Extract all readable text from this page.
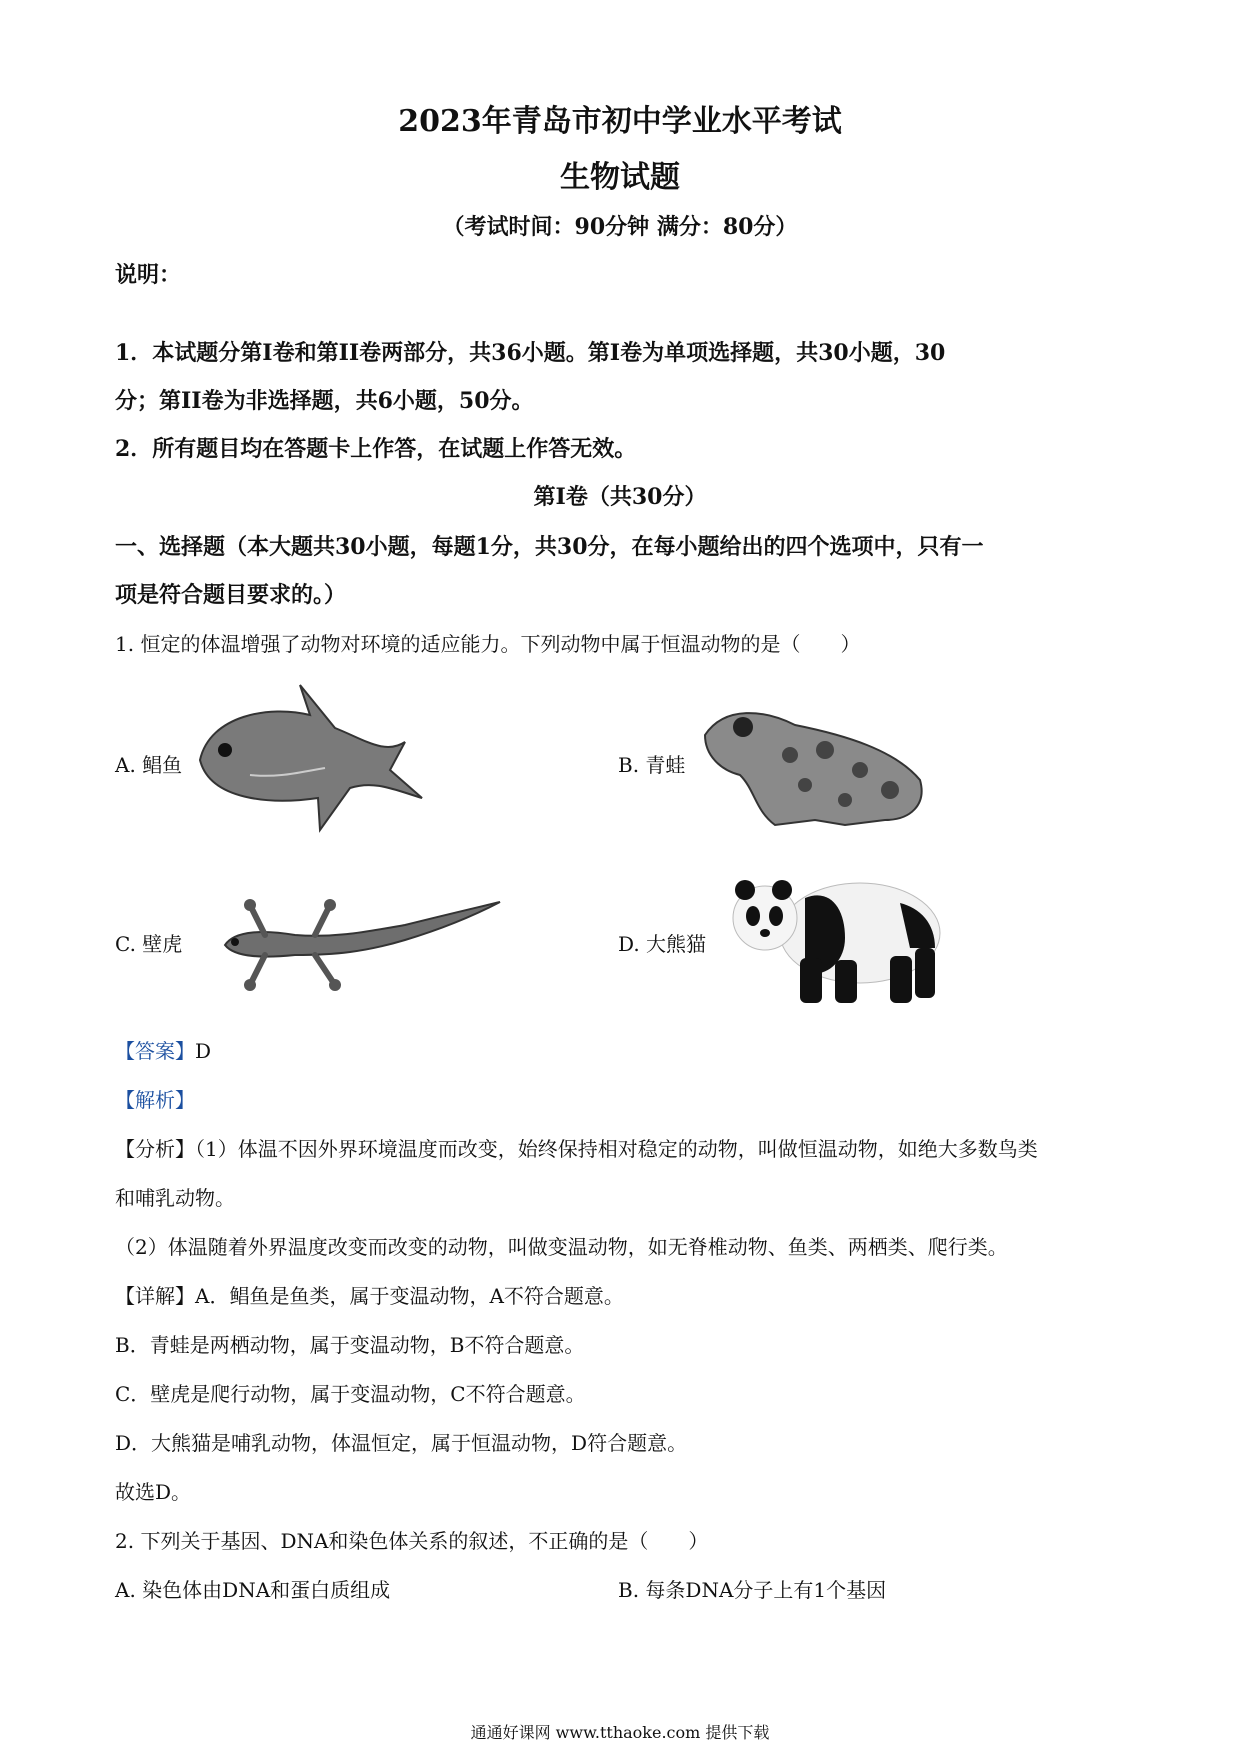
2023年青岛市初中学业水平考试
生物试题
（考试时间：90分钟 满分：80分）
说明：
1．本试题分第I卷和第II卷两部分，共36小题。第I卷为单项选择题，共30小题，30
分；第II卷为非选择题，共6小题，50分。
2．所有题目均在答题卡上作答，在试题上作答无效。
第I卷（共30分）
一、选择题（本大题共30小题，每题1分，共30分，在每小题给出的四个选项中，只有一
项是符合题目要求的。）
1. 恒定的体温增强了动物对环境的适应能力。下列动物中属于恒温动物的是（　　）
A. 鲳鱼	B. 青蛙
C. 壁虎	D. 大熊猫
【答案】D
【解析】
【分析】（1）体温不因外界环境温度而改变，始终保持相对稳定的动物，叫做恒温动物，如绝大多数鸟类
和哺乳动物。
（2）体温随着外界温度改变而改变的动物，叫做变温动物，如无脊椎动物、鱼类、两栖类、爬行类。
【详解】A．鲳鱼是鱼类，属于变温动物，A不符合题意。
B．青蛙是两栖动物，属于变温动物，B不符合题意。
C．壁虎是爬行动物，属于变温动物，C不符合题意。
D．大熊猫是哺乳动物，体温恒定，属于恒温动物，D符合题意。
故选D。
2. 下列关于基因、DNA和染色体关系的叙述，不正确的是（　　）
A. 染色体由DNA和蛋白质组成	B. 每条DNA分子上有1个基因
通通好课网 www.tthaoke.com 提供下载
